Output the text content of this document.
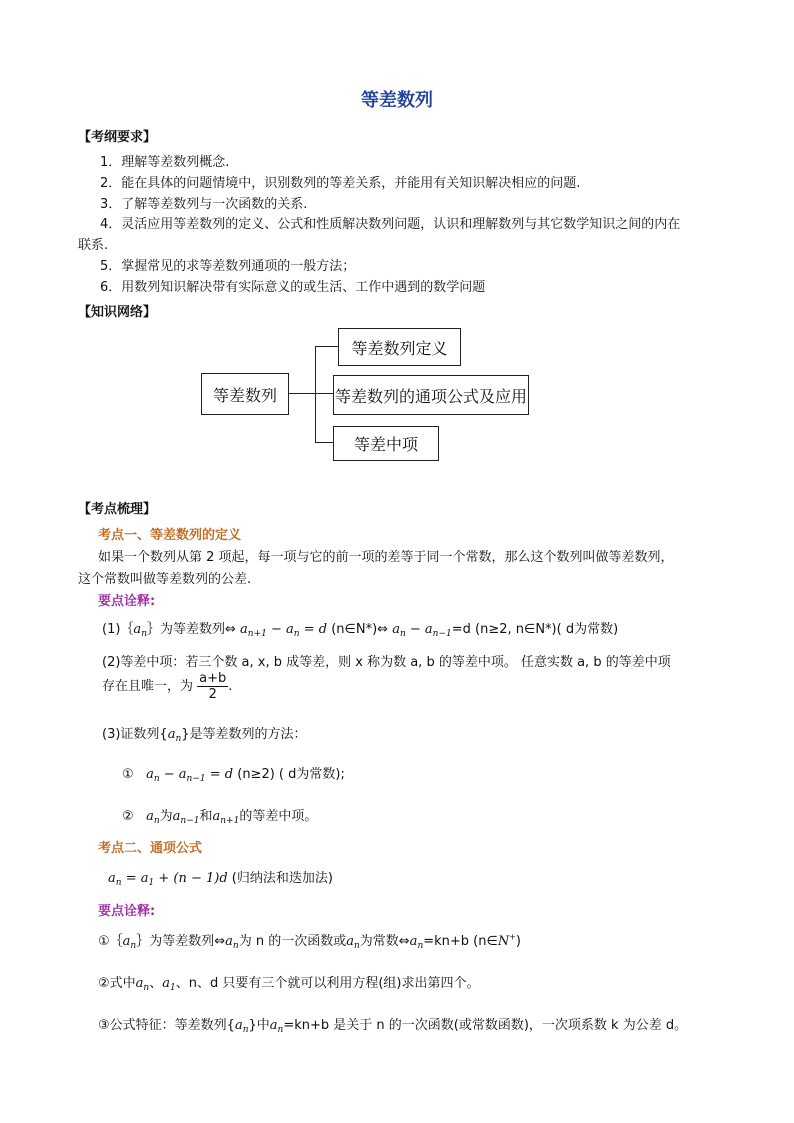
等差数列
【考纲要求】
1．理解等差数列概念.
2．能在具体的问题情境中，识别数列的等差关系，并能用有关知识解决相应的问题.
3．了解等差数列与一次函数的关系.
4．灵活应用等差数列的定义、公式和性质解决数列问题，认识和理解数列与其它数学知识之间的内在
联系.
5．掌握常见的求等差数列通项的一般方法；
6．用数列知识解决带有实际意义的或生活、工作中遇到的数学问题
【知识网络】
等差数列
等差数列定义
等差数列的通项公式及应用
等差中项
【考点梳理】
考点一、等差数列的定义
如果一个数列从第 2 项起，每一项与它的前一项的差等于同一个常数，那么这个数列叫做等差数列，
这个常数叫做等差数列的公差.
要点诠释:
$(1)\{a_n\}$为等差数列⇔ $a_{n+1} - a_n = d$ (n∈N*)⇔ $a_n - a_{n-1}=d$ (n≥2, n∈N*)( d为常数)
(2)等差中项：若三个数 a, x, b 成等差，则 x 称为数 a, b 的等差中项。 任意实数 a, b 的等差中项
存在且唯一，为 $\frac{a+b}{2}$ .
(3)证数列$\{a_n\}$是等差数列的方法：
① $a_n - a_{n-1} = d$ (n≥2) ( d为常数);
② $a_n$为$a_{n-1}$和$a_{n+1}$的等差中项。
考点二、通项公式
$a_n = a_1 + (n - 1)d$ (归纳法和迭加法)
要点诠释:
$①\{a_n\}$为等差数列$\Leftrightarrow a_n$为 n 的一次函数或$a_n$为常数$\Leftrightarrow a_n=kn+b$ (n∈N+)
②式中$a_n$、$a_1$、n、d 只要有三个就可以利用方程(组)求出第四个。
③公式特征：等差数列$\{a_n\}$中$a_n=kn+b$ 是关于 n 的一次函数(或常数函数)，一次项系数 k 为公差 d。
